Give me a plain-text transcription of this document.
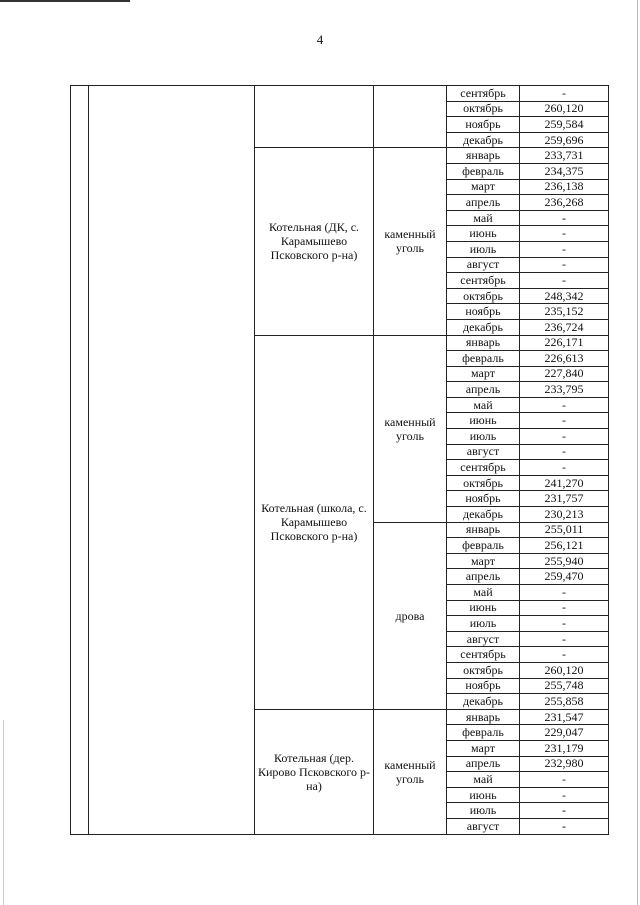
4
				сентябрь	-
				октябрь	260,120
				ноябрь	259,584
				декабрь	259,696
		Котельная (ДК, с. Карамышево Псковского р-на)	каменный уголь	январь	233,731
				февраль	234,375
				март	236,138
				апрель	236,268
				май	-
				июнь	-
				июль	-
				август	-
				сентябрь	-
				октябрь	248,342
				ноябрь	235,152
				декабрь	236,724
		Котельная (школа, с. Карамышево Псковского р-на)	каменный уголь	январь	226,171
				февраль	226,613
				март	227,840
				апрель	233,795
				май	-
				июнь	-
				июль	-
				август	-
				сентябрь	-
				октябрь	241,270
				ноябрь	231,757
				декабрь	230,213
			дрова	январь	255,011
				февраль	256,121
				март	255,940
				апрель	259,470
				май	-
				июнь	-
				июль	-
				август	-
				сентябрь	-
				октябрь	260,120
				ноябрь	255,748
				декабрь	255,858
		Котельная (дер. Кирово Псковского р-на)	каменный уголь	январь	231,547
				февраль	229,047
				март	231,179
				апрель	232,980
				май	-
				июнь	-
				июль	-
				август	-
